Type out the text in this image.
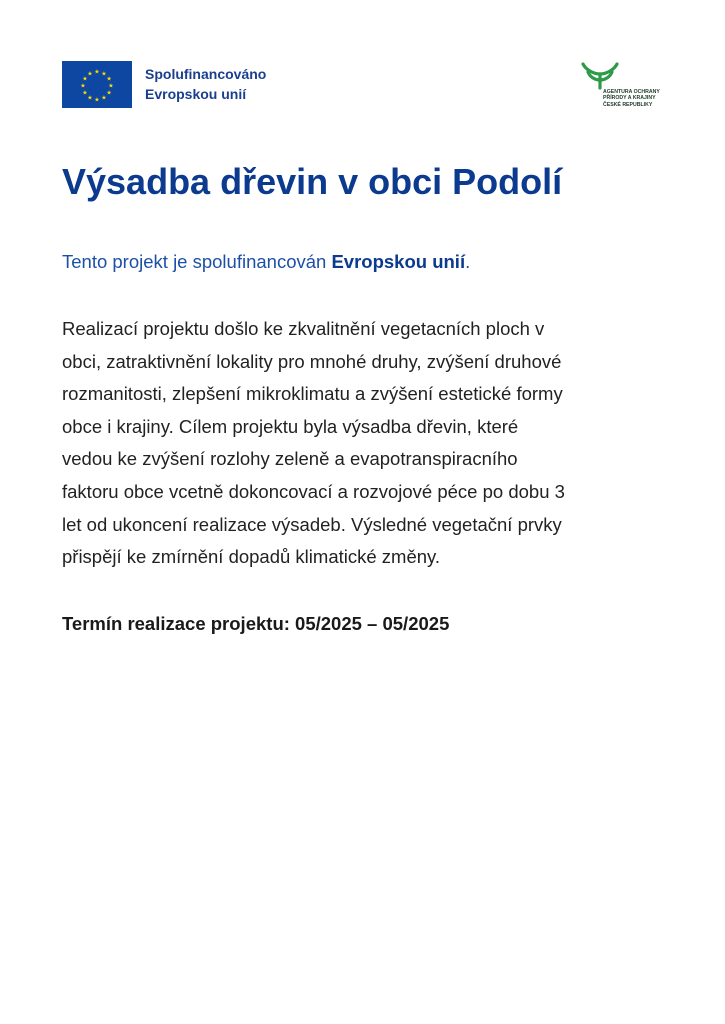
★ ★
★
★
★
★
★
★
★
★
★
★	Spolufinancováno
Evropskou unií	AGENTURA OCHRANY
PŘÍRODY A KRAJINY
ČESKÉ REPUBLIKY
Výsadba dřevin v obci Podolí

Tento projekt je spolufinancován Evropskou unií.

Realizací projektu došlo ke zkvalitnění vegetacních ploch v
obci, zatraktivnění lokality pro mnohé druhy, zvýšení druhové
rozmanitosti, zlepšení mikroklimatu a zvýšení estetické formy
obce i krajiny. Cílem projektu byla výsadba dřevin, které
vedou ke zvýšení rozlohy zeleně a evapotranspiracního
faktoru obce vcetně dokoncovací a rozvojové péce po dobu 3
let od ukoncení realizace výsadeb. Výsledné vegetační prvky
přispějí ke zmírnění dopadů klimatické změny.

Termín realizace projektu: 05/2025 – 05/2025
